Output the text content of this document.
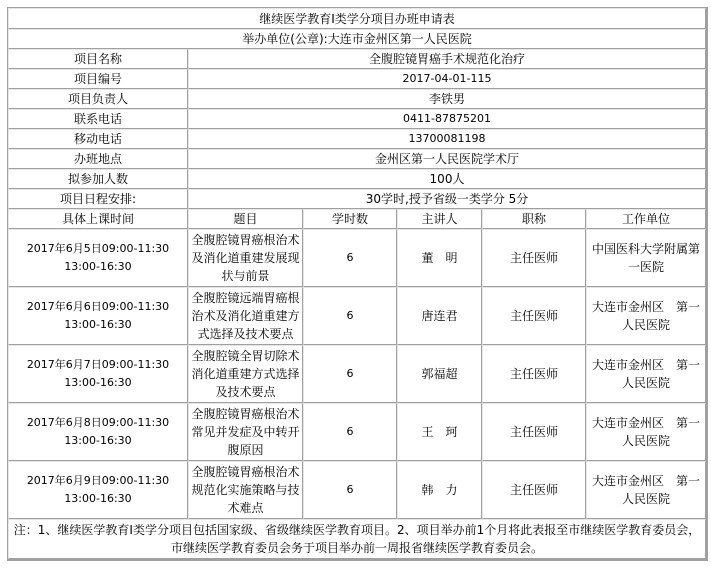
继续医学教育I类学分项目办班申请表					
举办单位(公章):大连市金州区第一人民医院					
项目名称	全腹腔镜胃癌手术规范化治疗				
项目编号	2017-04-01-115				
项目负责人	李铁男				
联系电话	0411-87875201				
移动电话	13700081198				
办班地点	金州区第一人民医院学术厅				
拟参加人数	100人				
项目日程安排:	30学时,授予省级一类学分 5分				
具体上课时间	题目	学时数	主讲人	职称	工作单位

2017年6月5日09:00-11:30
13:00-16:30	全腹腔镜胃癌根治术及消化道重建发展现状与前景	6	董　明	主任医师	中国医科大学附属第一医院

2017年6月6日09:00-11:30
13:00-16:30	全腹腔镜远端胃癌根治术及消化道重建方式选择及技术要点	6	唐连君	主任医师	大连市金州区　第一人民医院

2017年6月7日09:00-11:30
13:00-16:30	全腹腔镜全胃切除术消化道重建方式选择及技术要点	6	郭福超	主任医师	大连市金州区　第一人民医院

2017年6月8日09:00-11:30
13:00-16:30	全腹腔镜胃癌根治术常见并发症及中转开腹原因	6	王　珂	主任医师	大连市金州区　第一人民医院

2017年6月9日09:00-11:30
13:00-16:30	全腹腔镜胃癌根治术规范化实施策略与技术难点	6	韩　力	主任医师	大连市金州区　第一人民医院
注：1、继续医学教育Ⅰ类学分项目包括国家级、省级继续医学教育项目。2、项目举办前1个月将此表报至市继续医学教育委员会，市继续医学教育委员会务于项目举办前一周报省继续医学教育委员会。					
